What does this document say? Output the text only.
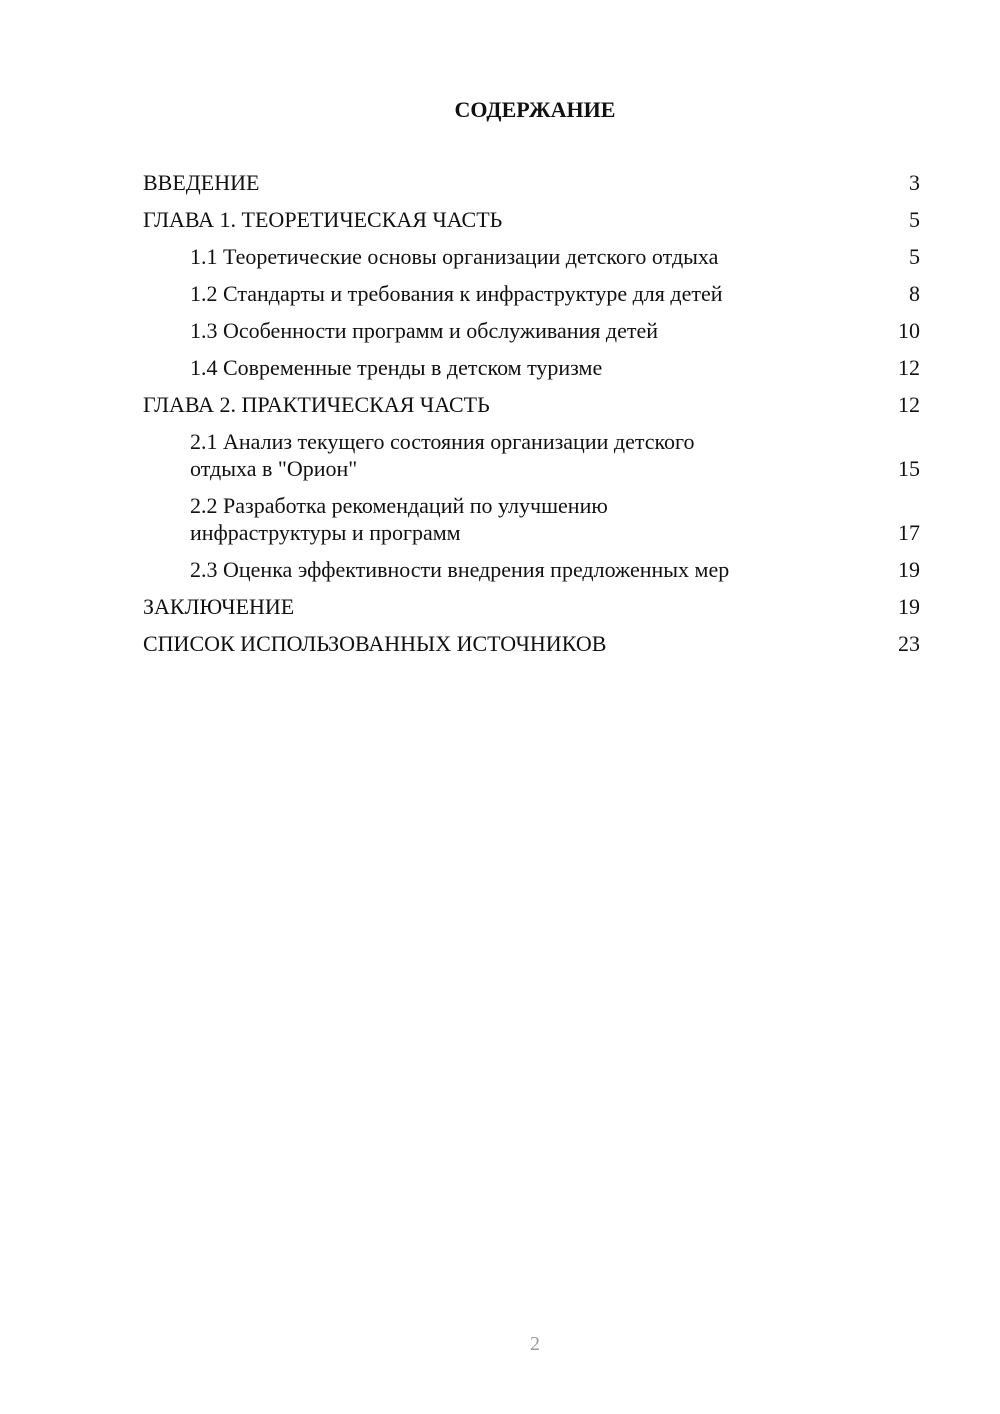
СОДЕРЖАНИЕ
ВВЕДЕНИЕ	3
ГЛАВА 1. ТЕОРЕТИЧЕСКАЯ ЧАСТЬ	5
1.1 Теоретические основы организации детского отдыха	5
1.2 Стандарты и требования к инфраструктуре для детей	8
1.3 Особенности программ и обслуживания детей	10
1.4 Современные тренды в детском туризме	12
ГЛАВА 2. ПРАКТИЧЕСКАЯ ЧАСТЬ	12
2.1 Анализ текущего состояния организации детского
отдыха в "Орион"	15
2.2 Разработка рекомендаций по улучшению
инфраструктуры и программ	17
2.3 Оценка эффективности внедрения предложенных мер	19
ЗАКЛЮЧЕНИЕ	19
СПИСОК ИСПОЛЬЗОВАННЫХ ИСТОЧНИКОВ	23
2
